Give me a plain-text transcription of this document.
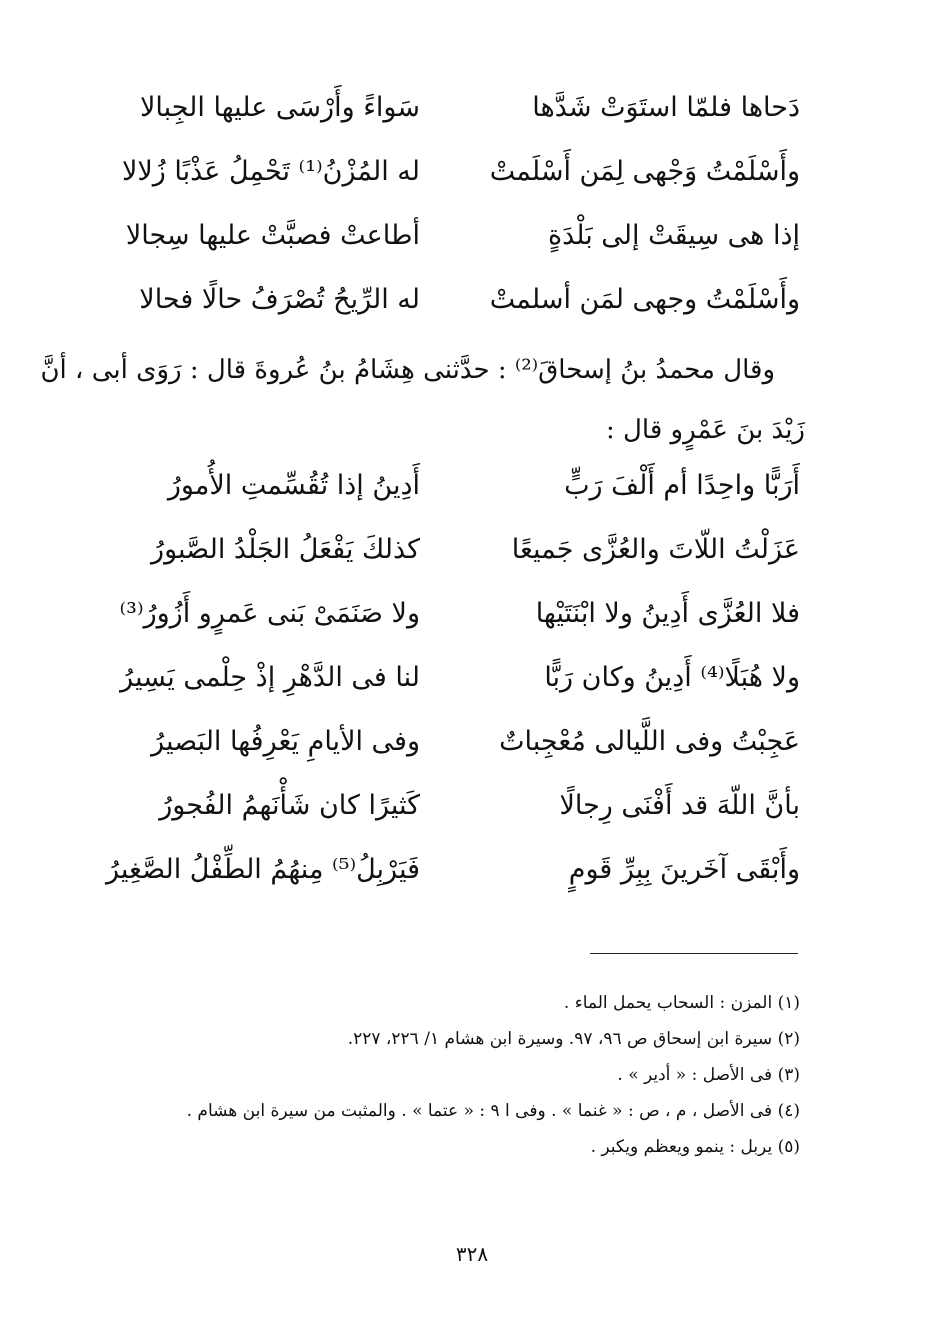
دَحاها فلمّا استَوَتْ شَدَّها
سَواءً وأَرْسَى عليها الجِبالا
وأَسْلَمْتُ وَجْهى لِمَن أَسْلَمتْ
له المُزْنُ⁽¹⁾ تَحْمِلُ عَذْبًا زُلالا
إذا هى سِيقَتْ إلى بَلْدَةٍ
أطاعتْ فصبَّتْ عليها سِجالا
وأَسْلَمْتُ وجهى لمَن أسلمتْ
له الرِّيحُ تُصْرَفُ حالًا فحالا

وقال محمدُ بنُ إسحاقَ⁽²⁾ : حدَّثنى هِشَامُ بنُ عُروةَ قال : رَوَى أبى ، أنَّ

زَيْدَ بنَ عَمْرٍو قال :

أَرَبًّا واحِدًا أم أَلْفَ رَبٍّ
أَدِينُ إذا تُقُسِّمتِ الأُمورُ
عَزَلْتُ اللّاتَ والعُزَّى جَميعًا
كذلكَ يَفْعَلُ الجَلْدُ الصَّبورُ
فلا العُزَّى أَدِينُ ولا ابْنَتَيْها
ولا صَنَمَىْ بَنى عَمرٍو أَزُورُ⁽³⁾
ولا هُبَلًا⁽⁴⁾ أَدِينُ وكان رَبًّا
لنا فى الدَّهْرِ إذْ حِلْمى يَسِيرُ
عَجِبْتُ وفى اللَّيالى مُعْجِباتٌ
وفى الأيامِ يَعْرِفُها البَصيرُ
بأنَّ اللّهَ قد أَفْنَى رِجالًا
كَثيرًا كان شَأْنَهمُ الفُجورُ
وأَبْقَى آخَرينَ بِبِرِّ قَومٍ
فَيَرْبِلُ⁽⁵⁾ مِنهُمُ الطِّفْلُ الصَّغِيرُ
(١) المزن : السحاب يحمل الماء .
(٢) سيرة ابن إسحاق ص ٩٦، ٩٧. وسيرة ابن هشام ١/ ٢٢٦، ٢٢٧.
(٣) فى الأصل : « أدير » .
(٤) فى الأصل ، م ، ص : « غنما » . وفى ا ٩ : « عتما » . والمثبت من سيرة ابن هشام .
(٥) يربل : ينمو ويعظم ويكبر .
٣٢٨
